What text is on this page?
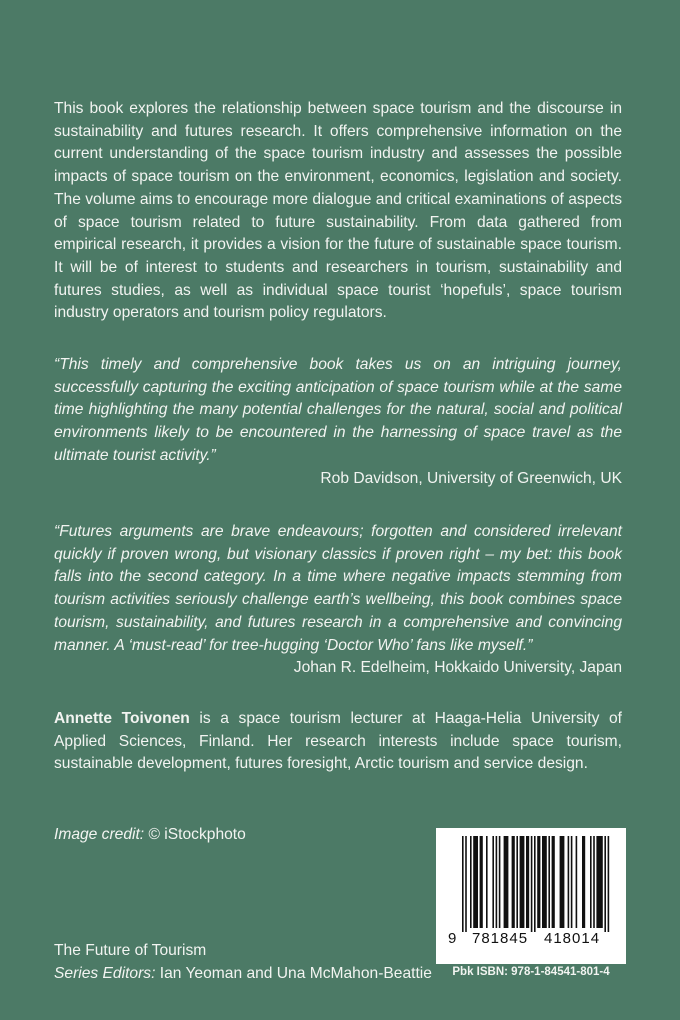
This book explores the relationship between space tourism and the discourse in sustainability and futures research. It offers comprehensive information on the current understanding of the space tourism industry and assesses the possible impacts of space tourism on the environment, economics, legislation and society. The volume aims to encourage more dialogue and critical examinations of aspects of space tourism related to future sustainability. From data gathered from empirical research, it provides a vision for the future of sustainable space tourism. It will be of interest to students and researchers in tourism, sustainability and futures studies, as well as individual space tourist ‘hopefuls’, space tourism industry operators and tourism policy regulators.

“This timely and comprehensive book takes us on an intriguing journey, successfully capturing the exciting anticipation of space tourism while at the same time highlighting the many potential challenges for the natural, social and political environments likely to be encountered in the harnessing of space travel as the ultimate tourist activity.”

Rob Davidson, University of Greenwich, UK

“Futures arguments are brave endeavours; forgotten and considered irrelevant quickly if proven wrong, but visionary classics if proven right – my bet: this book falls into the second category. In a time where negative impacts stemming from tourism activities seriously challenge earth’s wellbeing, this book combines space tourism, sustainability, and futures research in a comprehensive and convincing manner. A ‘must-read’ for tree-hugging ‘Doctor Who’ fans like myself.”

Johan R. Edelheim, Hokkaido University, Japan

Annette Toivonen is a space tourism lecturer at Haaga-Helia University of Applied Sciences, Finland. Her research interests include space tourism, sustainable development, futures foresight, Arctic tourism and service design.

Image credit: © iStockphoto

The Future of Tourism
Series Editors: Ian Yeoman and Una McMahon-Beattie
9 781845 418014

Pbk ISBN: 978-1-84541-801-4
